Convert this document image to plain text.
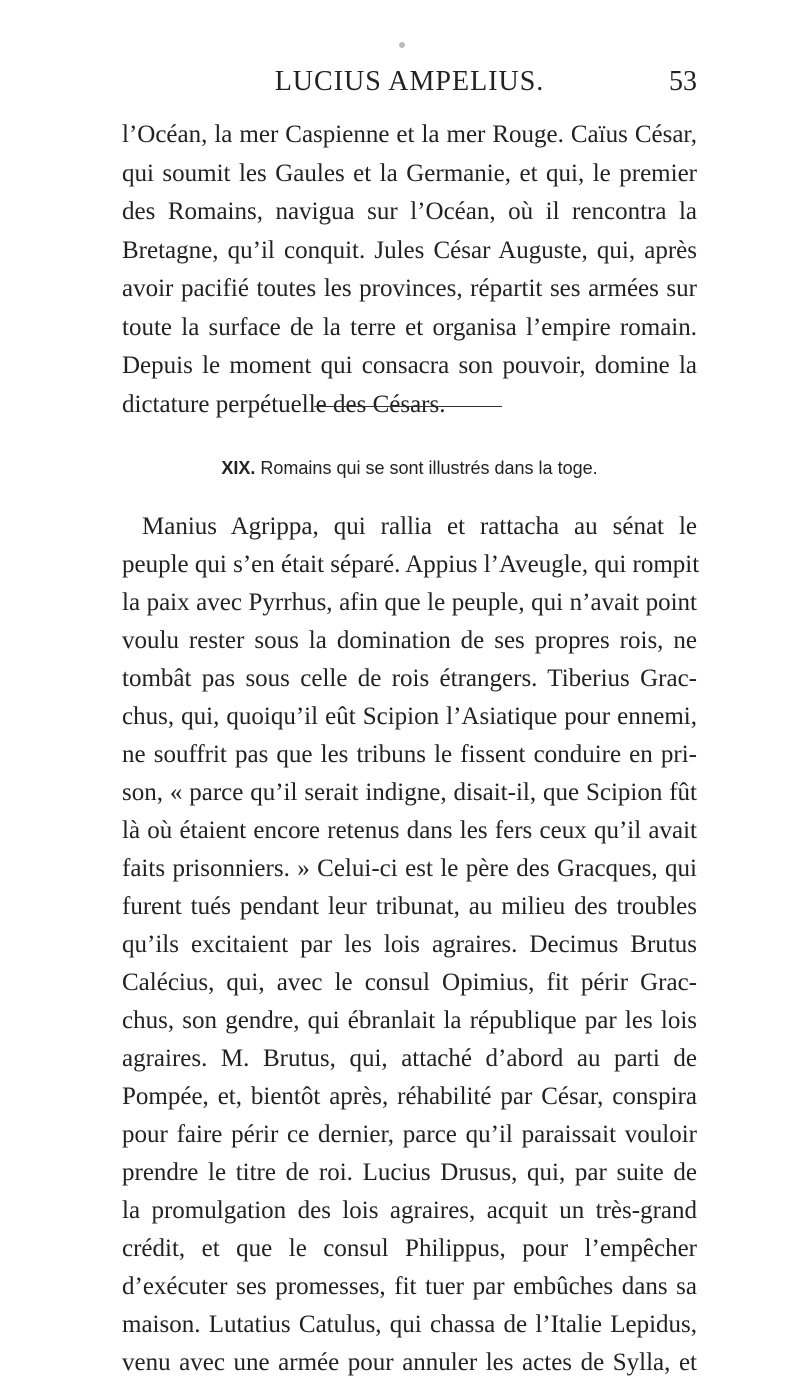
LUCIUS AMPELIUS.	53
l’Océan, la mer Caspienne et la mer Rouge. Caïus César,
qui soumit les Gaules et la Germanie, et qui, le premier
des Romains, navigua sur l’Océan, où il rencontra la
Bretagne, qu’il conquit. Jules César Auguste, qui, après
avoir pacifié toutes les provinces, répartit ses armées sur
toute la surface de la terre et organisa l’empire romain.
Depuis le moment qui consacra son pouvoir, domine la
dictature perpétuelle des Césars.
XIX. Romains qui se sont illustrés dans la toge.
Manius Agrippa, qui rallia et rattacha au sénat le
peuple qui s’en était séparé. Appius l’Aveugle, qui rompit
la paix avec Pyrrhus, afin que le peuple, qui n’avait point
voulu rester sous la domination de ses propres rois, ne
tombât pas sous celle de rois étrangers. Tiberius Grac-
chus, qui, quoiqu’il eût Scipion l’Asiatique pour ennemi,
ne souffrit pas que les tribuns le fissent conduire en pri-
son, « parce qu’il serait indigne, disait-il, que Scipion fût
là où étaient encore retenus dans les fers ceux qu’il avait
faits prisonniers. » Celui-ci est le père des Gracques, qui
furent tués pendant leur tribunat, au milieu des troubles
qu’ils excitaient par les lois agraires. Decimus Brutus
Calécius, qui, avec le consul Opimius, fit périr Grac-
chus, son gendre, qui ébranlait la république par les lois
agraires. M. Brutus, qui, attaché d’abord au parti de
Pompée, et, bientôt après, réhabilité par César, conspira
pour faire périr ce dernier, parce qu’il paraissait vouloir
prendre le titre de roi. Lucius Drusus, qui, par suite de
la promulgation des lois agraires, acquit un très-grand
crédit, et que le consul Philippus, pour l’empêcher
d’exécuter ses promesses, fit tuer par embûches dans sa
maison. Lutatius Catulus, qui chassa de l’Italie Lepidus,
venu avec une armée pour annuler les actes de Sylla, et
